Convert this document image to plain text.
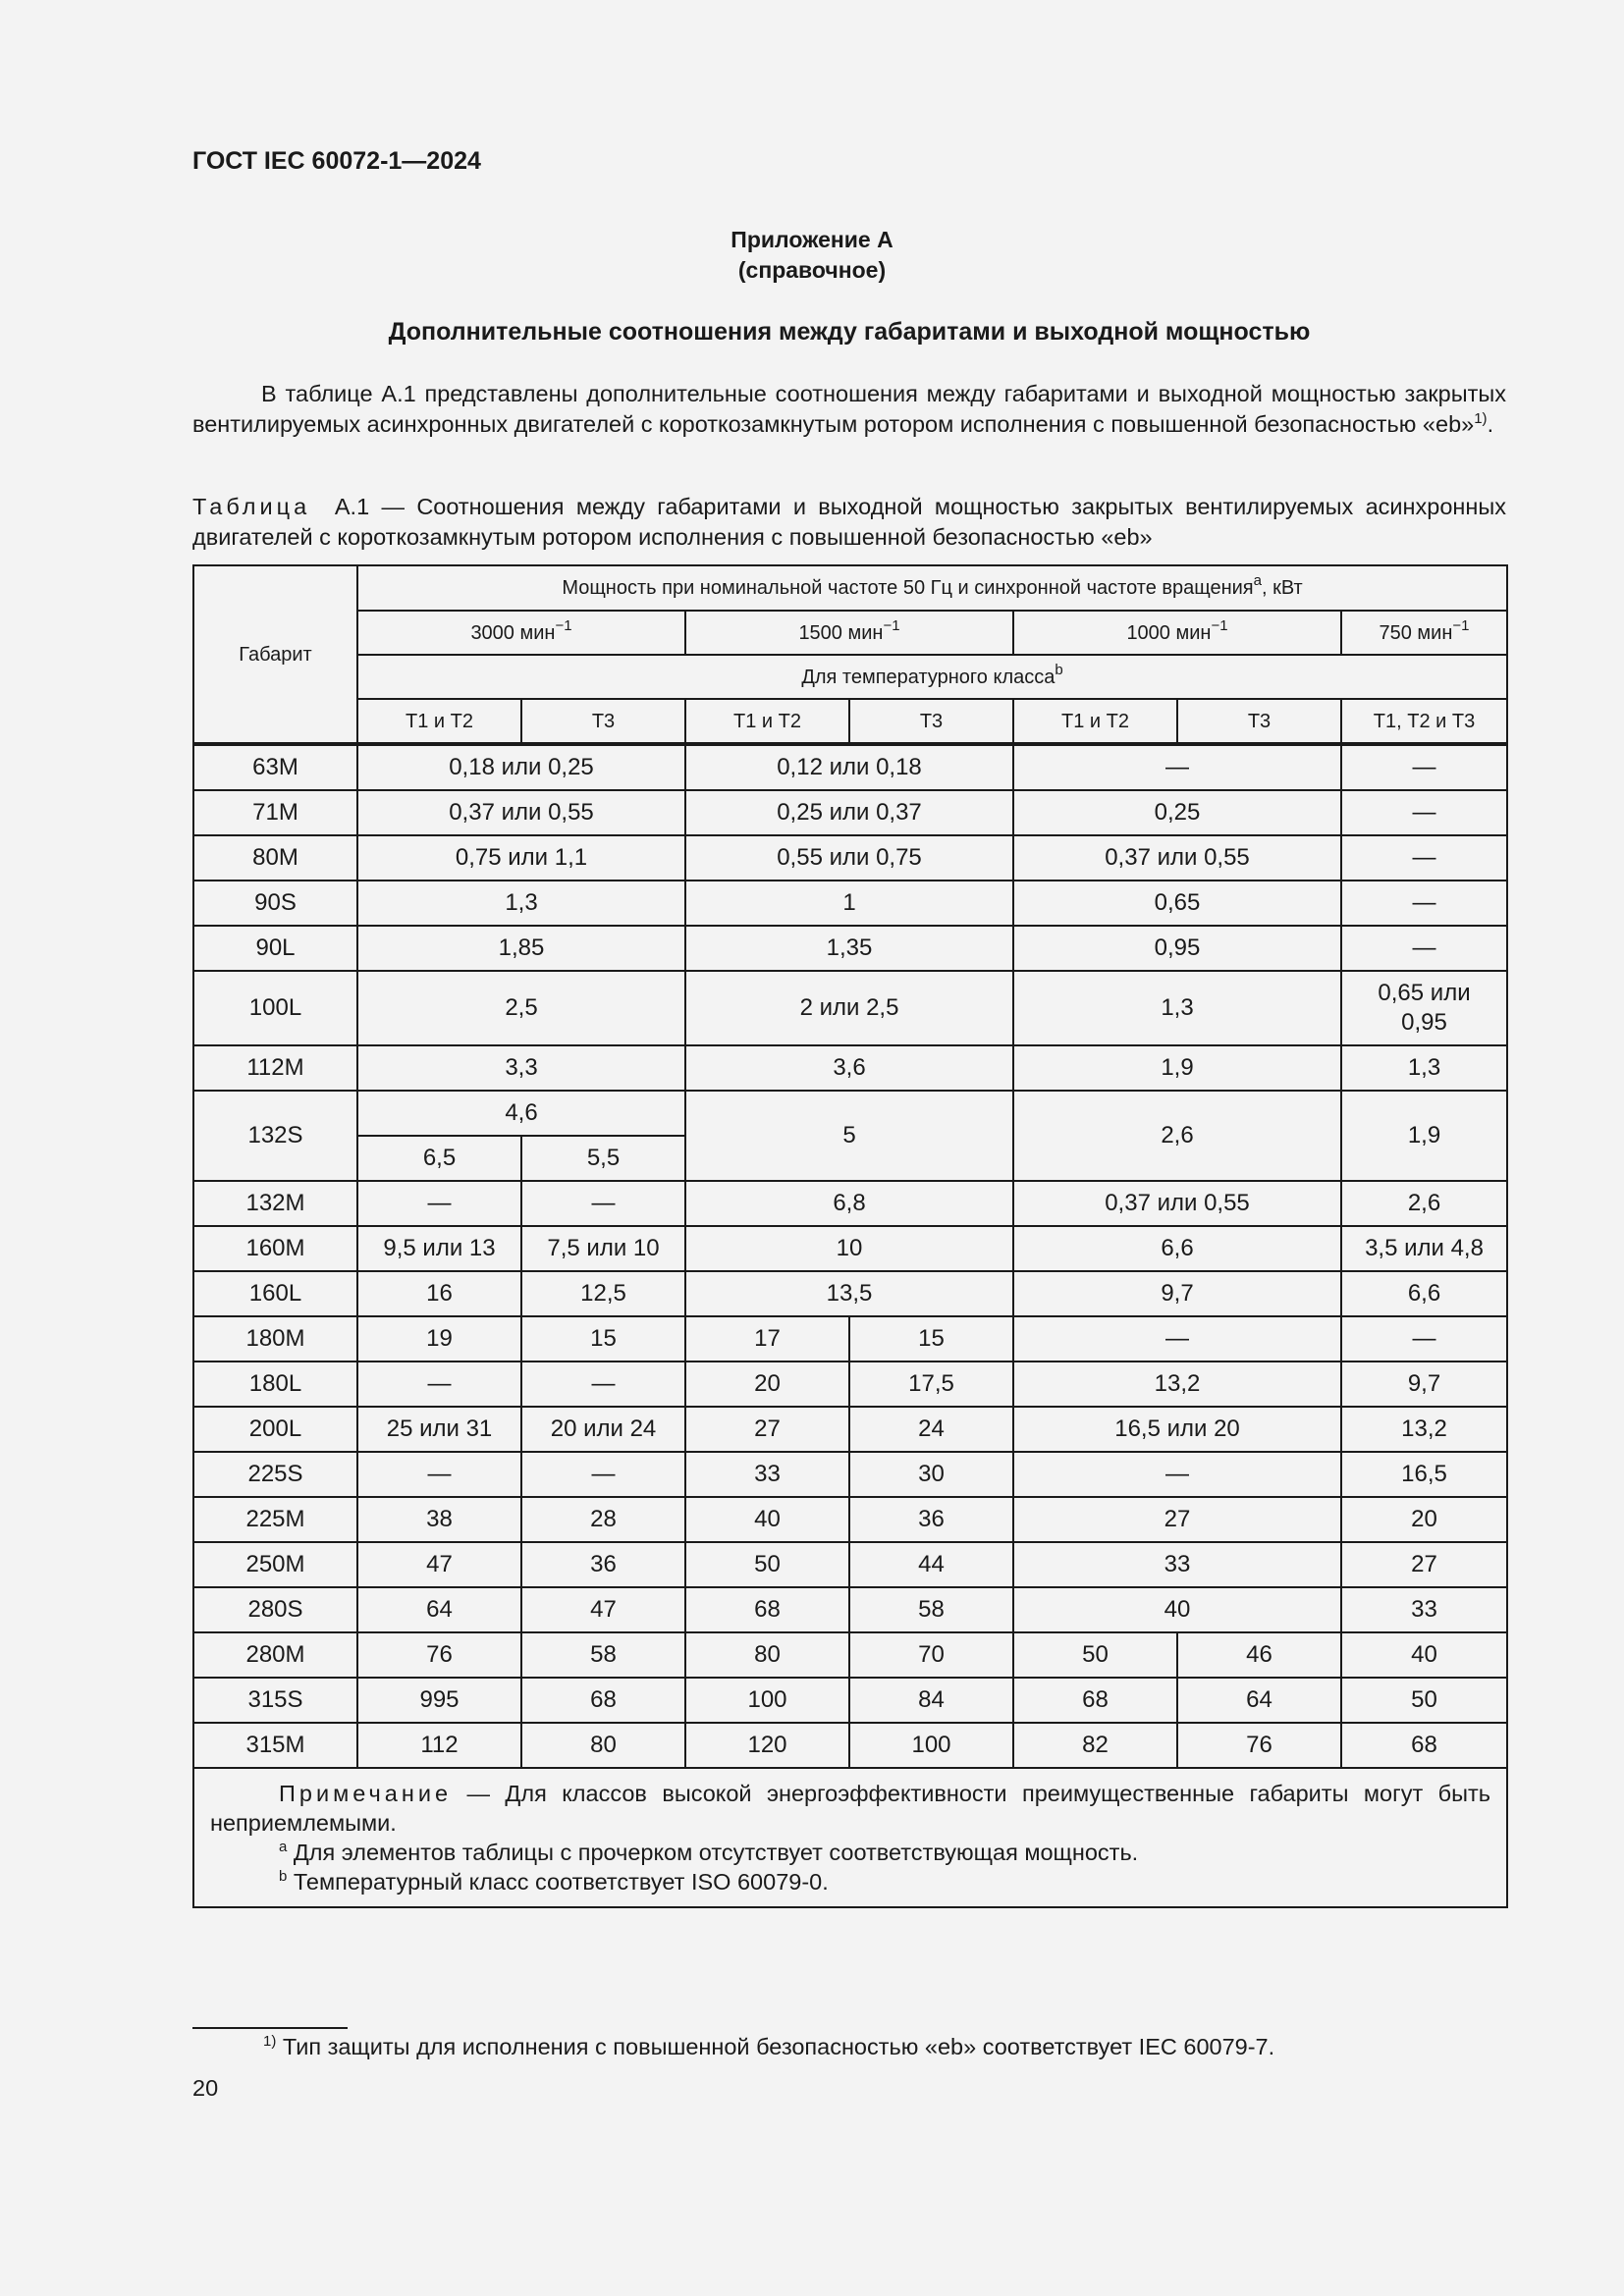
ГОСТ IEC 60072-1—2024
Приложение А
(справочное)
Дополнительные соотношения между габаритами и выходной мощностью

В таблице А.1 представлены дополнительные соотношения между габаритами и выходной мощностью закрытых вентилируемых асинхронных двигателей с короткозамкнутым ротором исполнения с повышенной безопасностью «eb»$^{1)}$.

Таблица А.1 — Соотношения между габаритами и выходной мощностью закрытых вентилируемых асинхронных двигателей с короткозамкнутым ротором исполнения с повышенной безопасностью «eb»

Габарит	Мощность при номинальной частоте 50 Гц и синхронной частоте вращения$^a$, кВт						
	3000 мин$^{-1}$		1500 мин$^{-1}$		1000 мин$^{-1}$		750 мин$^{-1}$
	Для температурного класса$^b$
	Т1 и Т2	Т3	Т1 и Т2	Т3	Т1 и Т2	Т3	Т1, Т2 и Т3
63M	0,18 или 0,25		0,12 или 0,18		—		—
71M	0,37 или 0,55		0,25 или 0,37		0,25		—
80M	0,75 или 1,1		0,55 или 0,75		0,37 или 0,55		—
90S	1,3		1		0,65		—
90L	1,85		1,35		0,95		—
100L	2,5		2 или 2,5		1,3		0,65 или
0,95
112M	3,3		3,6		1,9		1,3
132S	4,6		5		2,6		1,9
	6,5	5,5					
132M	—	—	6,8		0,37 или 0,55		2,6
160M	9,5 или 13	7,5 или 10	10		6,6		3,5 или 4,8
160L	16	12,5	13,5		9,7		6,6
180M	19	15	17	15	—		—
180L	—	—	20	17,5	13,2		9,7
200L	25 или 31	20 или 24	27	24	16,5 или 20		13,2
225S	—	—	33	30	—		16,5
225M	38	28	40	36	27		20
250M	47	36	50	44	33		27
280S	64	47	68	58	40		33
280M	76	58	80	70	50	46	40
315S	995	68	100	84	68	64	50
315M	112	80	120	100	82	76	68

Примечание — Для классов высокой энергоэффективности преимущественные габариты могут быть неприемлемыми.
$^a$ Для элементов таблицы с прочерком отсутствует соответствующая мощность.
$^b$ Температурный класс соответствует ISO 60079-0.							

$^{1)}$ Тип защиты для исполнения с повышенной безопасностью «eb» соответствует IEC 60079-7.

20
